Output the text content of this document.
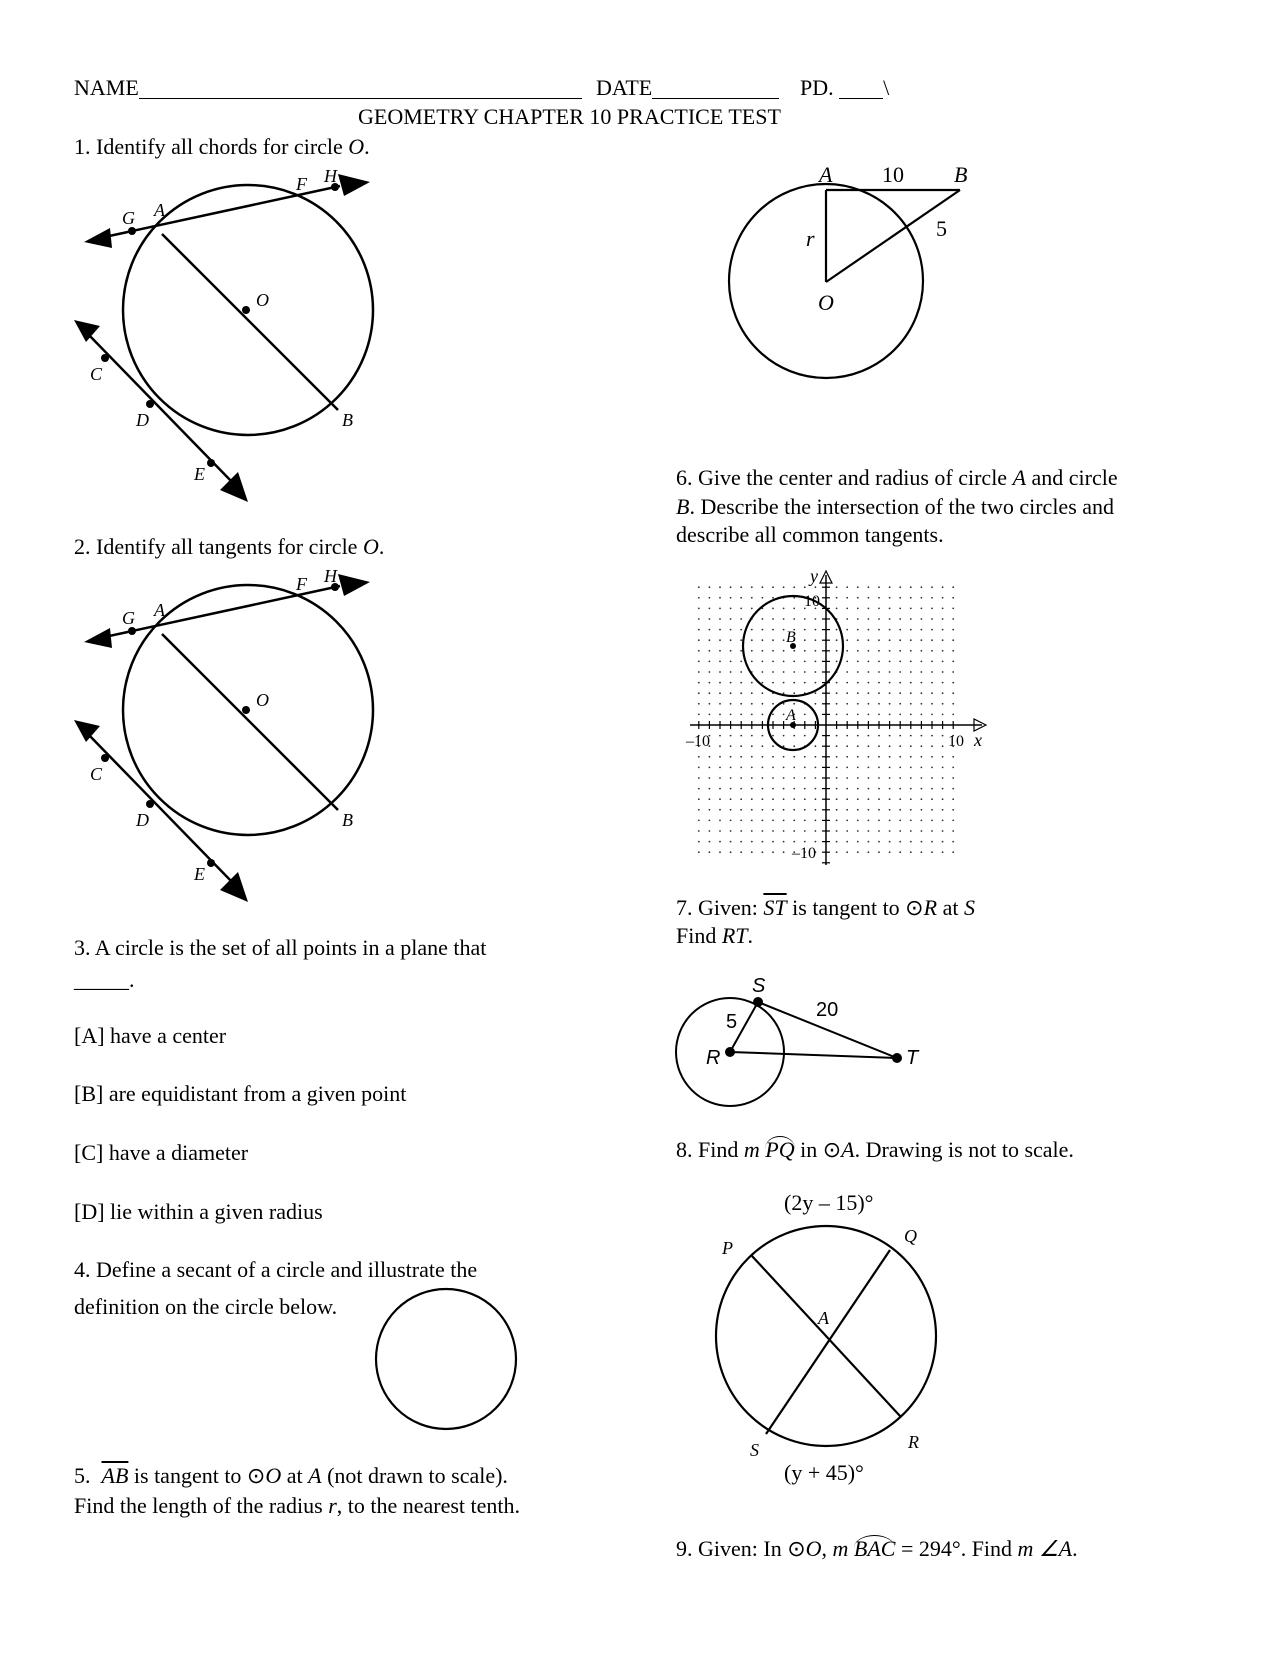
NAME	DATE	PD. \
GEOMETRY CHAPTER 10 PRACTICE TEST
1. Identify all chords for circle O.
G A
F H
O
C
D	B
E
2. Identify all tangents for circle O.
G A
F H
O
C
D	B
E
3. A circle is the set of all points in a plane that
_____.
[A] have a center
[B] are equidistant from a given point
[C] have a diameter
[D] lie within a given radius
4. Define a secant of a circle and illustrate the
definition on the circle below.
5. $\overline{AB}$ is tangent to ⊙O at A (not drawn to scale).
Find the length of the radius r, to the nearest tenth.
A	B
10
5
r
O
6. Give the center and radius of circle A and circle
B. Describe the intersection of the two circles and
describe all common tangents.
y
x
10
–10
–10	10
B
A
7. Given: $\overline{ST}$ is tangent to ⊙R at S
Find RT.
S
R	T
5
20
8. Find m PQ in ⊙A. Drawing is not to scale.
(2y – 15)°
(y + 45)°
P
Q
R
S
A
9. Given: In ⊙O, m BAC = 294°. Find m ∠A.
